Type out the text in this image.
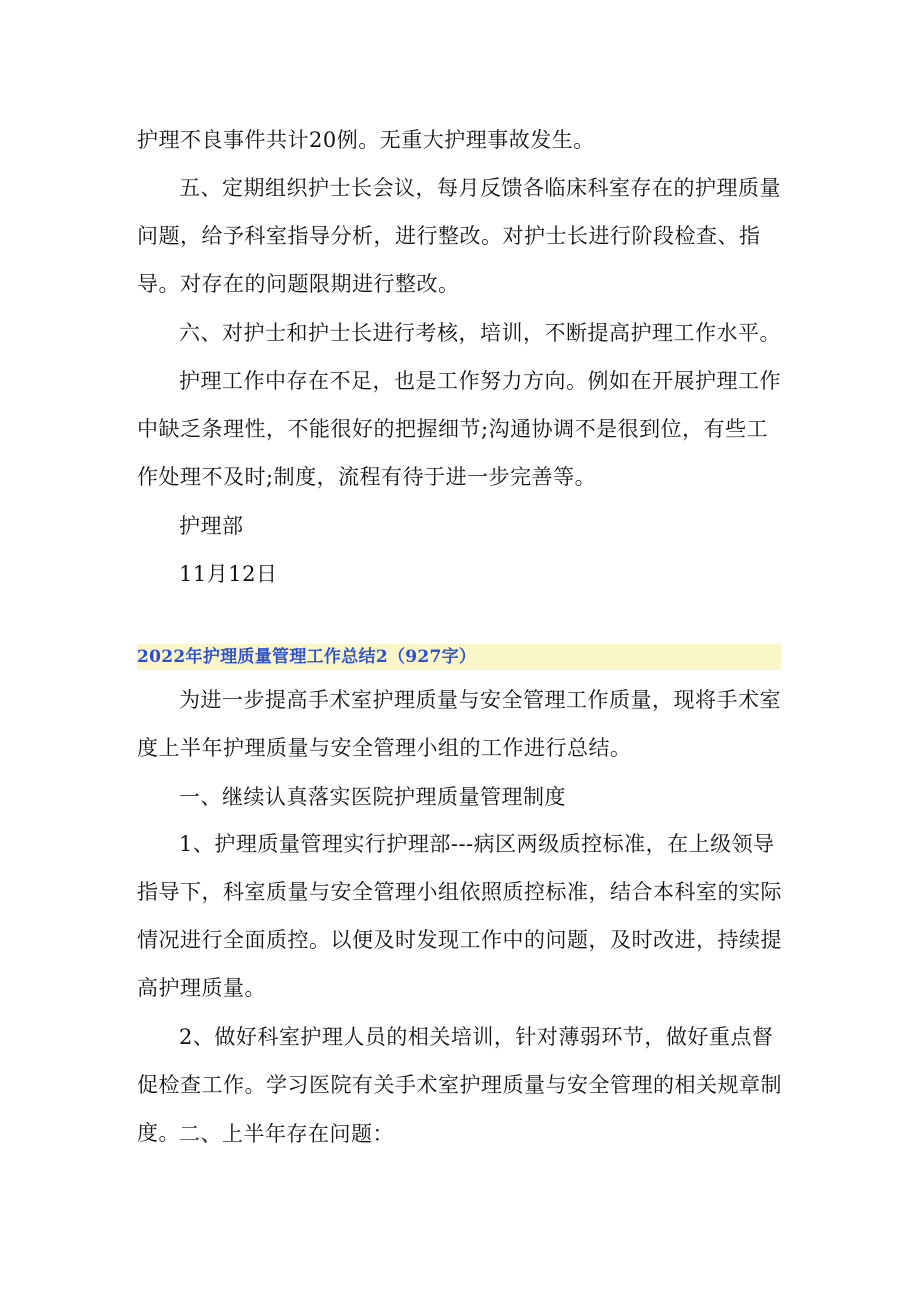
护理不良事件共计20例。无重大护理事故发生。

五、定期组织护士长会议，每月反馈各临床科室存在的护理质量问题，给予科室指导分析，进行整改。对护士长进行阶段检查、指导。对存在的问题限期进行整改。

六、对护士和护士长进行考核，培训，不断提高护理工作水平。

护理工作中存在不足，也是工作努力方向。例如在开展护理工作中缺乏条理性，不能很好的把握细节;沟通协调不是很到位，有些工作处理不及时;制度，流程有待于进一步完善等。

护理部

11月12日

2022年护理质量管理工作总结2（927字）

为进一步提高手术室护理质量与安全管理工作质量，现将手术室度上半年护理质量与安全管理小组的工作进行总结。

一、继续认真落实医院护理质量管理制度

1、护理质量管理实行护理部---病区两级质控标准，在上级领导指导下，科室质量与安全管理小组依照质控标准，结合本科室的实际情况进行全面质控。以便及时发现工作中的问题，及时改进，持续提高护理质量。

2、做好科室护理人员的相关培训，针对薄弱环节，做好重点督促检查工作。学习医院有关手术室护理质量与安全管理的相关规章制度。 二、上半年存在问题：
